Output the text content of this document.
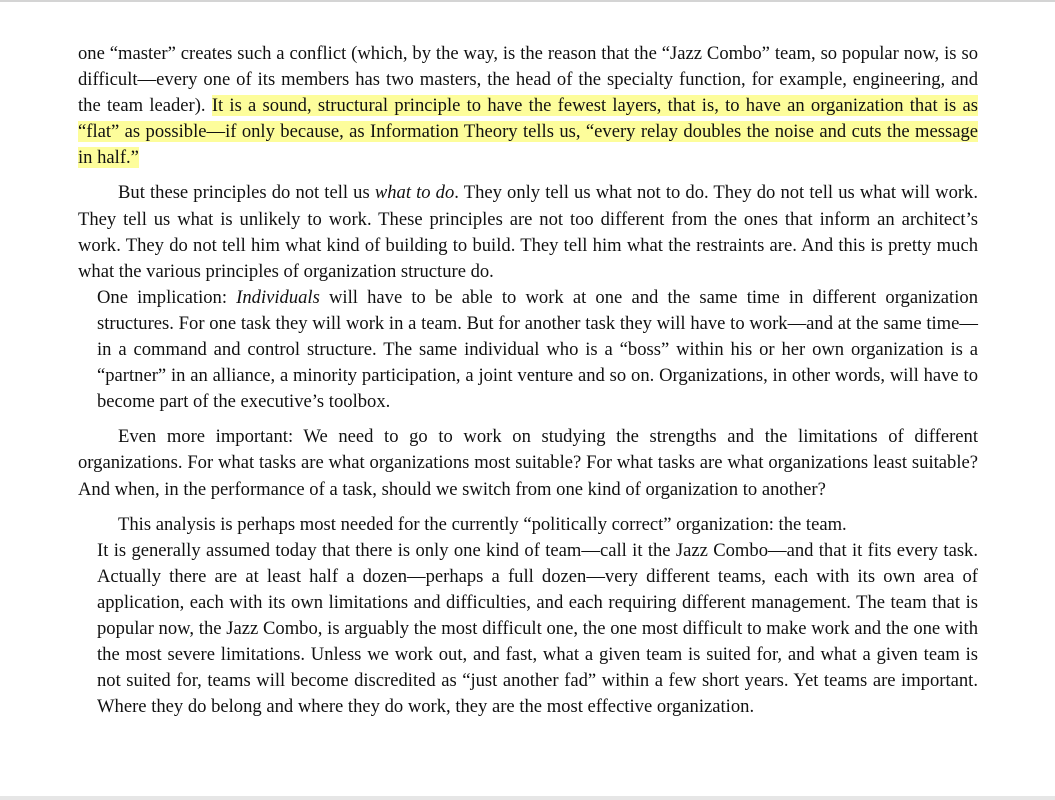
one “master” creates such a conflict (which, by the way, is the reason that the “Jazz Combo” team, so popular now, is so difficult—every one of its members has two masters, the head of the specialty function, for example, engineering, and the team leader). It is a sound, structural principle to have the fewest layers, that is, to have an organization that is as “flat” as possible—if only because, as Information Theory tells us, “every relay doubles the noise and cuts the message in half.”

But these principles do not tell us what to do. They only tell us what not to do. They do not tell us what will work. They tell us what is unlikely to work. These principles are not too different from the ones that inform an architect’s work. They do not tell him what kind of building to build. They tell him what the restraints are. And this is pretty much what the various principles of organization structure do.

One implication: Individuals will have to be able to work at one and the same time in different organization structures. For one task they will work in a team. But for another task they will have to work—and at the same time—in a command and control structure. The same individual who is a “boss” within his or her own organization is a “partner” in an alliance, a minority participation, a joint venture and so on. Organizations, in other words, will have to become part of the executive’s toolbox.

Even more important: We need to go to work on studying the strengths and the limitations of different organizations. For what tasks are what organizations most suitable? For what tasks are what organizations least suitable? And when, in the performance of a task, should we switch from one kind of organization to another?

This analysis is perhaps most needed for the currently “politically correct” organization: the team.

It is generally assumed today that there is only one kind of team—call it the Jazz Combo—and that it fits every task. Actually there are at least half a dozen—perhaps a full dozen—very different teams, each with its own area of application, each with its own limitations and difficulties, and each requiring different management. The team that is popular now, the Jazz Combo, is arguably the most difficult one, the one most difficult to make work and the one with the most severe limitations. Unless we work out, and fast, what a given team is suited for, and what a given team is not suited for, teams will become discredited as “just another fad” within a few short years. Yet teams are important. Where they do belong and where they do work, they are the most effective organization.
